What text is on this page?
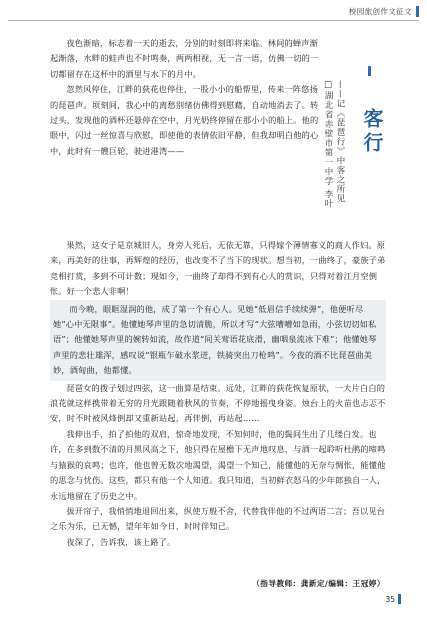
校园旅创作文征文

夜色渐暗，标志着一天的逝去，分别的时刻即将来临。林间的蝉声渐起渐落，水畔的蛙声也不时鸣奏，两两相视，无一言一语，仿佛一切的一切都留存在这杯中的酒里与水下的月中。

忽然风停住，江畔的荻花也停住，一股小小的船帮里，传来一阵悠扬的琵琶声。顷刻间，我心中的离愁别绪仿佛得到慰藉，自动地消去了。转过头，发现他的酒杯还悬停在空中，月光奶终停留在那小小的船上。他的眼中，闪过一丝惊喜与欣慰，即使他的表情依旧平静，但我却明白他的心中，此时有一艘巨轮，驶进港湾——	客行
——记《琵琶行》中客之所见
□湖北省赤壁市第一中学 李叶

果然，这女子是京城旧人，身旁人死后，无依无靠，只得嫁个薄情寡义的商人作妇。原来，再美好的往事，再辉煌的经历，也改变不了当下的现状。想当初，一曲终了，豪族子弟竞相打赏，多到不可计数；现如今，一曲终了却得不到有心人的赏识，只得对着江月空倒怅。好一个悲人非啊！

而今晚，眼眶湿润的他，成了第一个有心人。见她“低眉信手续续弹”，他便听尽她“心中无限事”。他懂她琴声里的急切清脆，所以才写“大弦嘈嘈如急雨，小弦切切如私语”；他懂她琴声里的婉转如流，故作道“间关莺语花底滑，幽咽泉流冰下难”；他懂她琴声里的悲壮雄浑，感叹说“银瓶乍破水浆迸，铁骑突出刀枪鸣”。今夜的酒不比琵琶曲美妙，酒甸曲，他都懂。

琵琶女的拨子划过四弦，这一曲算是结束。远处，江畔的荻花恢复原状，一大片白白的浪花就这样携带着无穷的月光跟随着秋风的节奏，不停地摇曳身姿。烛台上的火苗也忐忑不安，时不时被风烽倒却又重新站起，再伴倒，再站起……

我伸出手，拍了拍他的双肩，惊奇地发现，不知何时，他的鬓间生出了几缕白发。也许，在多到数不清的月黑风高之下，他只得在屋檐下无声地叹息，与酒一起聆听杜鹃的啼鸣与猿猴的哀鸣；也许，他也曾无数次地渴望，渴望一个知己，能懂他的无奈与惆怅，能懂他的思念与忧伤。这些，都只有他一个人知道。我只知道，当初鲜衣怒马的少年郎独自一人，永远地留在了历史之中。

拔开帘子，我悄悄地退回出来，纵使万般不舍，代替我伴他的不过两语二言；吾以见台之乐为乐，已无憾，望年年如今日，时时伴知己。

夜深了，告诉我，该上路了。

（指导教师：龚新定/编辑：王冠婷）
35
